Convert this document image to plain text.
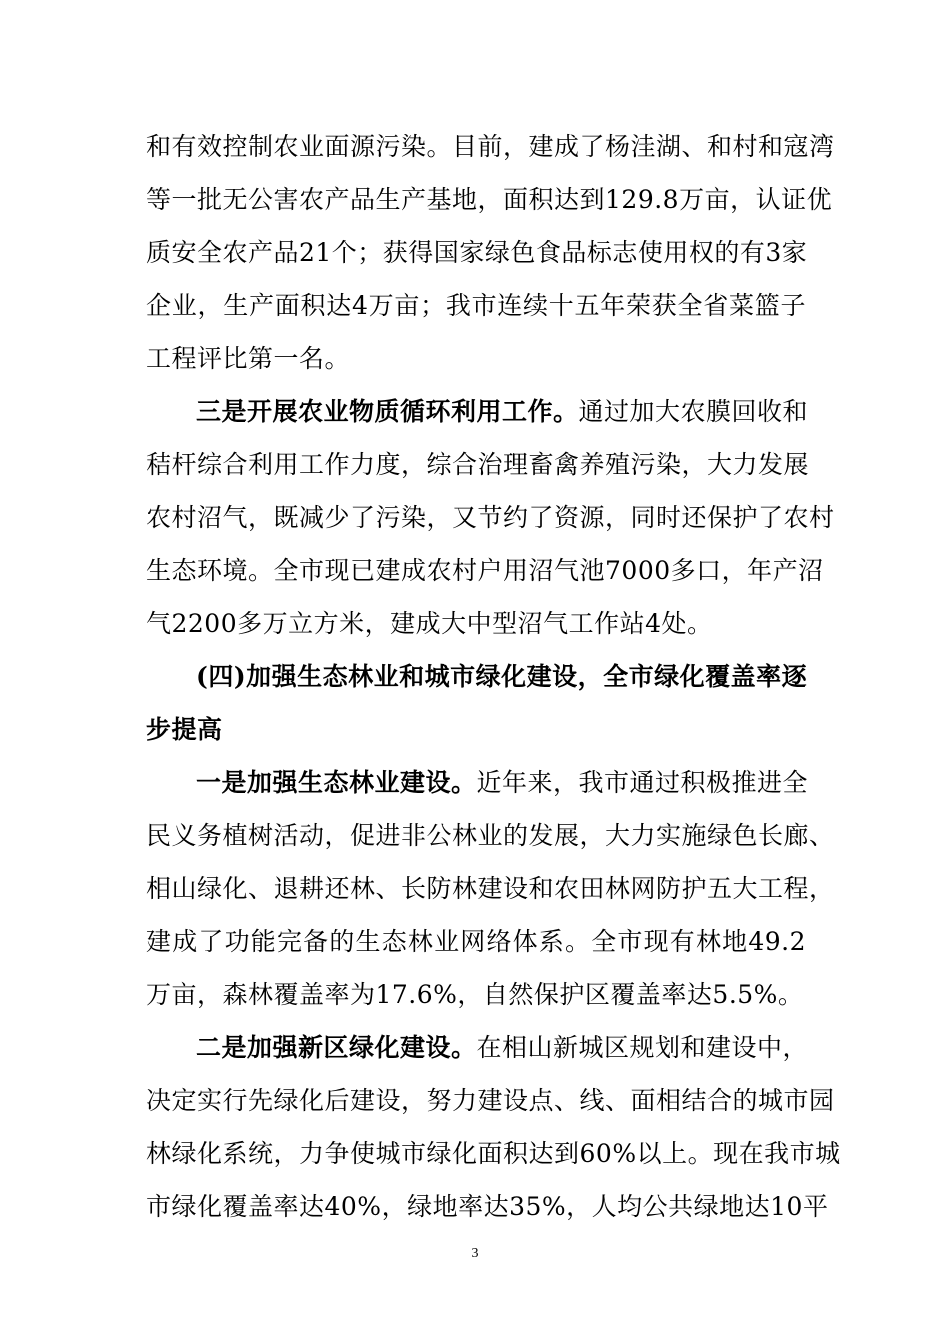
和有效控制农业面源污染。目前，建成了杨洼湖、和村和寇湾
等一批无公害农产品生产基地，面积达到129.8万亩，认证优
质安全农产品21个；获得国家绿色食品标志使用权的有3家
企业，生产面积达4万亩；我市连续十五年荣获全省菜篮子
工程评比第一名。
三是开展农业物质循环利用工作。通过加大农膜回收和
秸杆综合利用工作力度，综合治理畜禽养殖污染，大力发展
农村沼气，既减少了污染，又节约了资源，同时还保护了农村
生态环境。全市现已建成农村户用沼气池7000多口，年产沼
气2200多万立方米，建成大中型沼气工作站4处。
(四)加强生态林业和城市绿化建设，全市绿化覆盖率逐
步提高
一是加强生态林业建设。近年来，我市通过积极推进全
民义务植树活动，促进非公林业的发展，大力实施绿色长廊、
相山绿化、退耕还林、长防林建设和农田林网防护五大工程，
建成了功能完备的生态林业网络体系。全市现有林地49.2
万亩，森林覆盖率为17.6%，自然保护区覆盖率达5.5%。
二是加强新区绿化建设。在相山新城区规划和建设中，
决定实行先绿化后建设，努力建设点、线、面相结合的城市园
林绿化系统，力争使城市绿化面积达到60%以上。现在我市城
市绿化覆盖率达40%，绿地率达35%，人均公共绿地达10平
3
